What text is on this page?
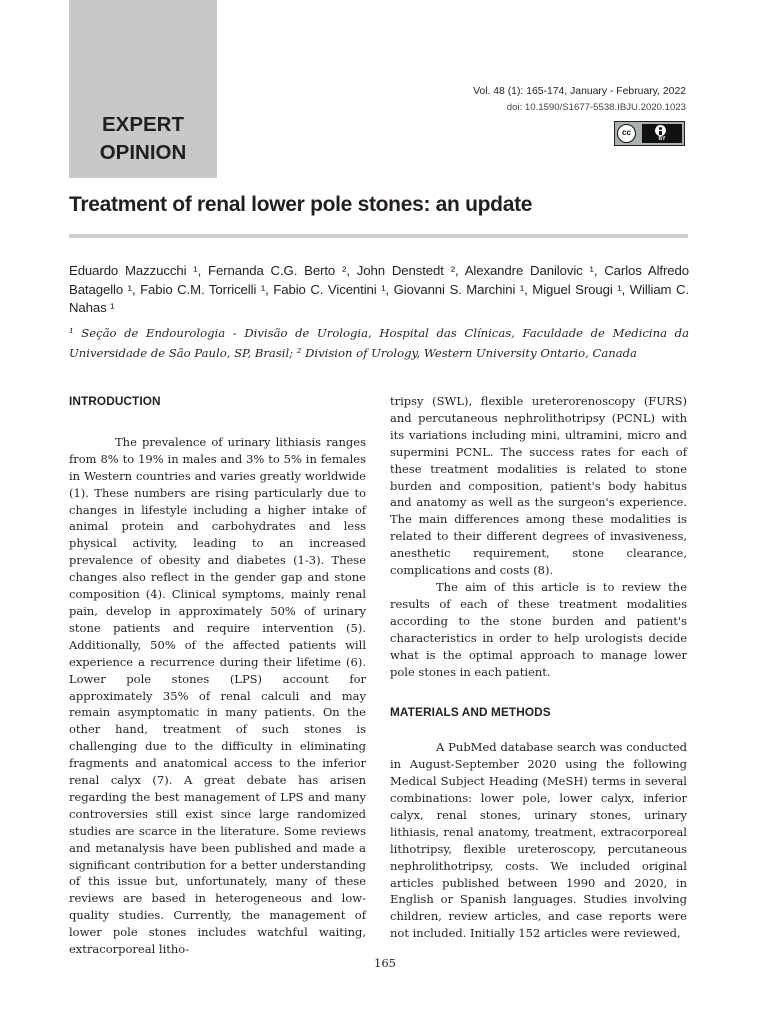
EXPERT
OPINION
Vol. 48 (1): 165-174, January - February, 2022
doi: 10.1590/S1677-5538.IBJU.2020.1023
cc
BY
Treatment of renal lower pole stones: an update
Eduardo Mazzucchi ¹, Fernanda C.G. Berto ², John Denstedt ², Alexandre Danilovic ¹, Carlos Alfredo Batagello ¹, Fabio C.M. Torricelli ¹, Fabio C. Vicentini ¹, Giovanni S. Marchini ¹, Miguel Srougi ¹, William C. Nahas ¹
¹ Seção de Endourologia - Divisão de Urologia, Hospital das Clínicas, Faculdade de Medicina da Universidade de São Paulo, SP, Brasil; ² Division of Urology, Western University Ontario, Canada
INTRODUCTION

The prevalence of urinary lithiasis ranges from 8% to 19% in males and 3% to 5% in females in Western countries and varies greatly worldwide (1). These numbers are rising particularly due to changes in lifestyle including a higher intake of animal protein and carbohydrates and less physical activity, leading to an increased prevalence of obesity and diabetes (1-3). These changes also reflect in the gender gap and stone composition (4). Clinical symptoms, mainly renal pain, develop in approximately 50% of urinary stone patients and require intervention (5). Additionally, 50% of the affected patients will experience a recurrence during their lifetime (6). Lower pole stones (LPS) account for approximately 35% of renal calculi and may remain asymptomatic in many patients. On the other hand, treatment of such stones is challenging due to the difficulty in eliminating fragments and anatomical access to the inferior renal calyx (7). A great debate has arisen regarding the best management of LPS and many controversies still exist since large randomized studies are scarce in the literature. Some reviews and metanalysis have been published and made a significant contribution for a better understanding of this issue but, unfortunately, many of these reviews are based in heterogeneous and low-quality studies. Currently, the management of lower pole stones includes watchful waiting, extracorporeal litho-

tripsy (SWL), flexible ureterorenoscopy (FURS) and percutaneous nephrolithotripsy (PCNL) with its variations including mini, ultramini, micro and supermini PCNL. The success rates for each of these treatment modalities is related to stone burden and composition, patient's body habitus and anatomy as well as the surgeon's experience. The main differences among these modalities is related to their different degrees of invasiveness, anesthetic requirement, stone clearance, complications and costs (8).

The aim of this article is to review the results of each of these treatment modalities according to the stone burden and patient's characteristics in order to help urologists decide what is the optimal approach to manage lower pole stones in each patient.

MATERIALS AND METHODS

A PubMed database search was conducted in August-September 2020 using the following Medical Subject Heading (MeSH) terms in several combinations: lower pole, lower calyx, inferior calyx, renal stones, urinary stones, urinary lithiasis, renal anatomy, treatment, extracorporeal lithotripsy, flexible ureteroscopy, percutaneous nephrolithotripsy, costs. We included original articles published between 1990 and 2020, in English or Spanish languages. Studies involving children, review articles, and case reports were not included. Initially 152 articles were reviewed,

165
